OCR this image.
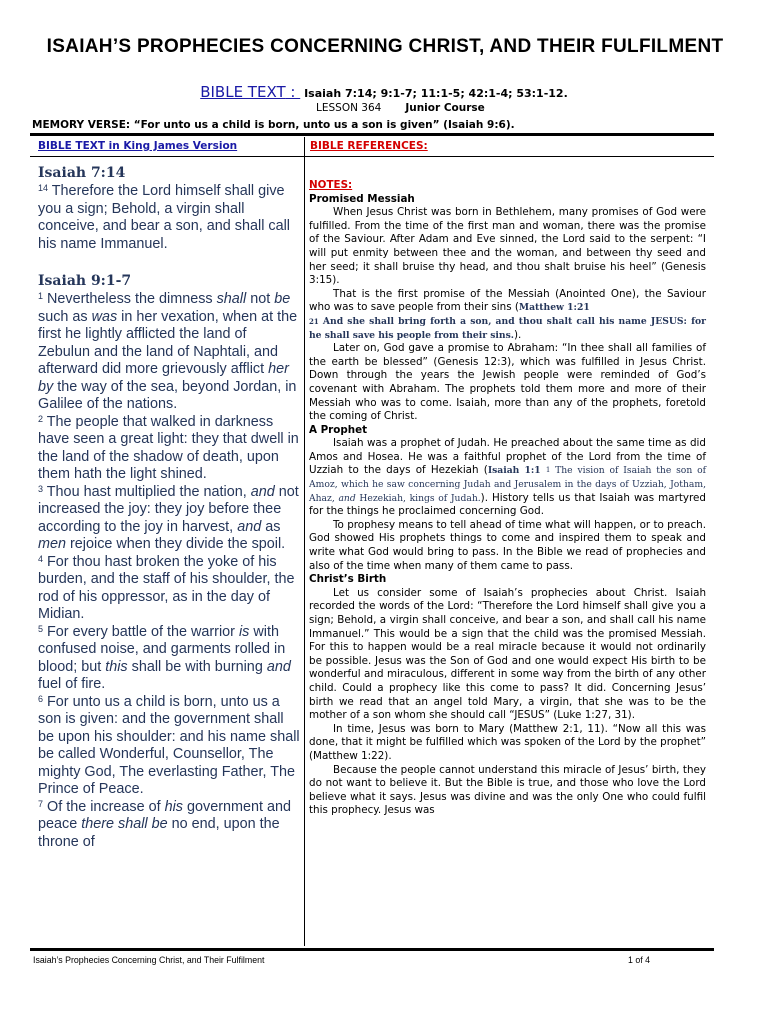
ISAIAH’S PROPHECIES CONCERNING CHRIST, AND THEIR FULFILMENT
BIBLE TEXT :  Isaiah 7:14; 9:1-7; 11:1-5; 42:1-4; 53:1-12.
LESSON 364 Junior Course
MEMORY VERSE: “For unto us a child is born, unto us a son is given” (Isaiah 9:6).
BIBLE TEXT in King James Version	BIBLE REFERENCES:
Isaiah 7:14

$^{14}$ Therefore the Lord himself shall give you a sign; Behold, a virgin shall conceive, and bear a son, and shall call his name Immanuel.

Isaiah 9:1-7

$^1$ Nevertheless the dimness shall not be such as was in her vexation, when at the first he lightly afflicted the land of Zebulun and the land of Naphtali, and afterward did more grievously afflict her by the way of the sea, beyond Jordan, in Galilee of the nations.

$^2$ The people that walked in darkness have seen a great light: they that dwell in the land of the shadow of death, upon them hath the light shined.

$^3$ Thou hast multiplied the nation, and not increased the joy: they joy before thee according to the joy in harvest, and as men rejoice when they divide the spoil.

$^4$ For thou hast broken the yoke of his burden, and the staff of his shoulder, the rod of his oppressor, as in the day of Midian.

$^5$ For every battle of the warrior is with confused noise, and garments rolled in blood; but this shall be with burning and fuel of fire.

$^6$ For unto us a child is born, unto us a son is given: and the government shall be upon his shoulder: and his name shall be called Wonderful, Counsellor, The mighty God, The everlasting Father, The Prince of Peace.

$^7$ Of the increase of his government and peace there shall be no end, upon the throne of

NOTES:
Promised Messiah

When Jesus Christ was born in Bethlehem, many promises of God were fulfilled. From the time of the first man and woman, there was the promise of the Saviour. After Adam and Eve sinned, the Lord said to the serpent: “I will put enmity between thee and the woman, and between thy seed and her seed; it shall bruise thy head, and thou shalt bruise his heel” (Genesis 3:15).

That is the first promise of the Messiah (Anointed One), the Saviour who was to save people from their sins (Matthew 1:21
$^{21}$ And she shall bring forth a son, and thou shalt call his name JESUS: for he shall save his people from their sins.).

Later on, God gave a promise to Abraham: “In thee shall all families of the earth be blessed” (Genesis 12:3), which was fulfilled in Jesus Christ. Down through the years the Jewish people were reminded of God’s covenant with Abraham. The prophets told them more and more of their Messiah who was to come. Isaiah, more than any of the prophets, foretold the coming of Christ.

A Prophet

Isaiah was a prophet of Judah. He preached about the same time as did Amos and Hosea. He was a faithful prophet of the Lord from the time of Uzziah to the days of Hezekiah (Isaiah 1:1 $^1$ The vision of Isaiah the son of Amoz, which he saw concerning Judah and Jerusalem in the days of Uzziah, Jotham, Ahaz, and Hezekiah, kings of Judah.). History tells us that Isaiah was martyred for the things he proclaimed concerning God.

To prophesy means to tell ahead of time what will happen, or to preach. God showed His prophets things to come and inspired them to speak and write what God would bring to pass. In the Bible we read of prophecies and also of the time when many of them came to pass.

Christ’s Birth

Let us consider some of Isaiah’s prophecies about Christ. Isaiah recorded the words of the Lord: “Therefore the Lord himself shall give you a sign; Behold, a virgin shall conceive, and bear a son, and shall call his name Immanuel.” This would be a sign that the child was the promised Messiah. For this to happen would be a real miracle because it would not ordinarily be possible. Jesus was the Son of God and one would expect His birth to be wonderful and miraculous, different in some way from the birth of any other child. Could a prophecy like this come to pass? It did. Concerning Jesus’ birth we read that an angel told Mary, a virgin, that she was to be the mother of a son whom she should call “JESUS” (Luke 1:27, 31).

In time, Jesus was born to Mary (Matthew 2:1, 11). “Now all this was done, that it might be fulfilled which was spoken of the Lord by the prophet” (Matthew 1:22).

Because the people cannot understand this miracle of Jesus’ birth, they do not want to believe it. But the Bible is true, and those who love the Lord believe what it says. Jesus was divine and was the only One who could fulfil this prophecy. Jesus was

Isaiah’s Prophecies Concerning Christ, and Their Fulfilment	1 of 4
